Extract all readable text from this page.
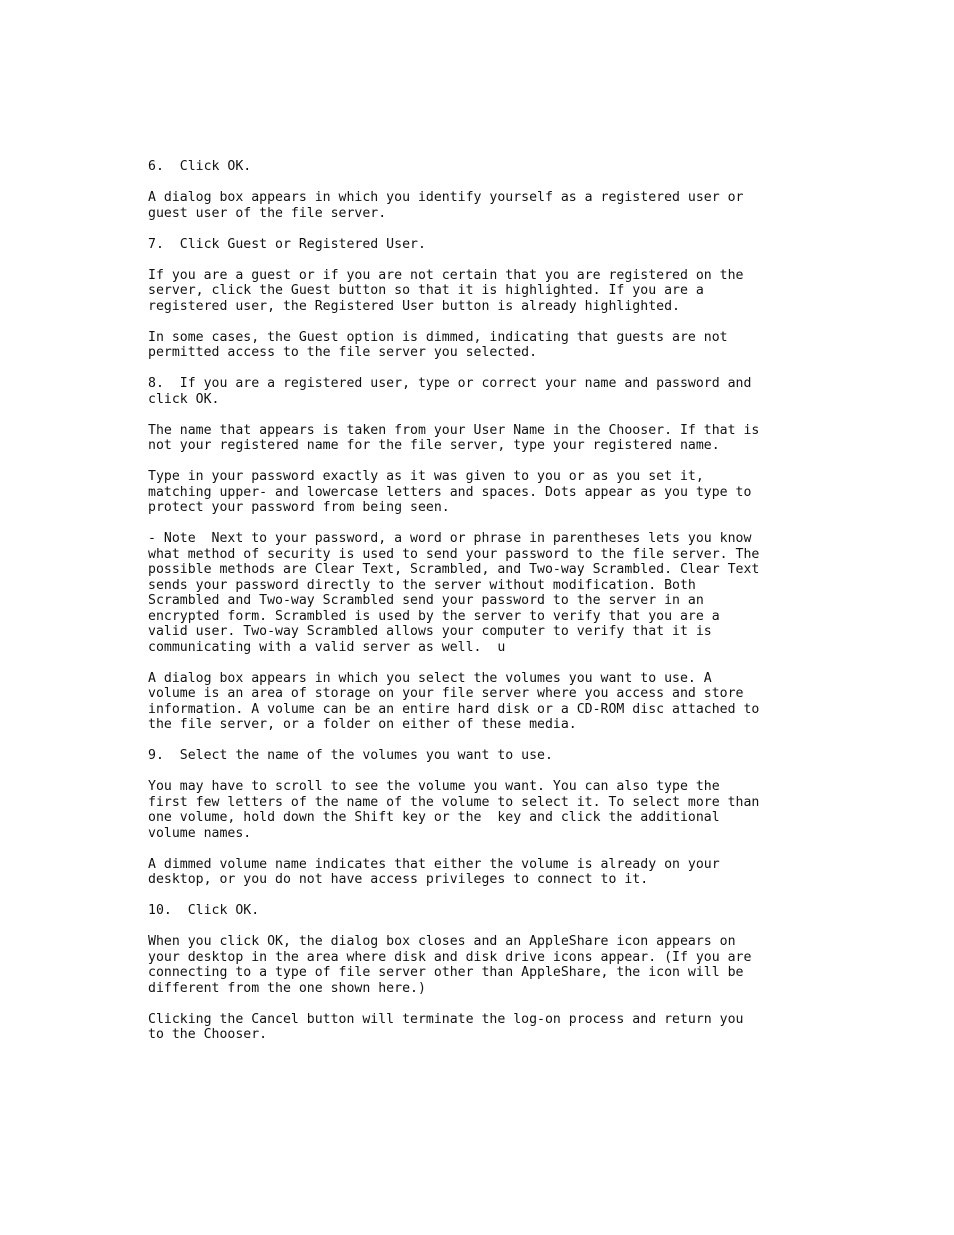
6.  Click OK.

A dialog box appears in which you identify yourself as a registered user or
guest user of the file server.

7.  Click Guest or Registered User.

If you are a guest or if you are not certain that you are registered on the
server, click the Guest button so that it is highlighted. If you are a
registered user, the Registered User button is already highlighted.

In some cases, the Guest option is dimmed, indicating that guests are not
permitted access to the file server you selected.

8.  If you are a registered user, type or correct your name and password and
click OK.

The name that appears is taken from your User Name in the Chooser. If that is
not your registered name for the file server, type your registered name.

Type in your password exactly as it was given to you or as you set it,
matching upper- and lowercase letters and spaces. Dots appear as you type to
protect your password from being seen.

- Note  Next to your password, a word or phrase in parentheses lets you know
what method of security is used to send your password to the file server. The
possible methods are Clear Text, Scrambled, and Two-way Scrambled. Clear Text
sends your password directly to the server without modification. Both
Scrambled and Two-way Scrambled send your password to the server in an
encrypted form. Scrambled is used by the server to verify that you are a
valid user. Two-way Scrambled allows your computer to verify that it is
communicating with a valid server as well.  u

A dialog box appears in which you select the volumes you want to use. A
volume is an area of storage on your file server where you access and store
information. A volume can be an entire hard disk or a CD-ROM disc attached to
the file server, or a folder on either of these media.

9.  Select the name of the volumes you want to use.

You may have to scroll to see the volume you want. You can also type the
first few letters of the name of the volume to select it. To select more than
one volume, hold down the Shift key or the  key and click the additional
volume names.

A dimmed volume name indicates that either the volume is already on your
desktop, or you do not have access privileges to connect to it.

10.  Click OK.

When you click OK, the dialog box closes and an AppleShare icon appears on
your desktop in the area where disk and disk drive icons appear. (If you are
connecting to a type of file server other than AppleShare, the icon will be
different from the one shown here.)

Clicking the Cancel button will terminate the log-on process and return you
to the Chooser.
